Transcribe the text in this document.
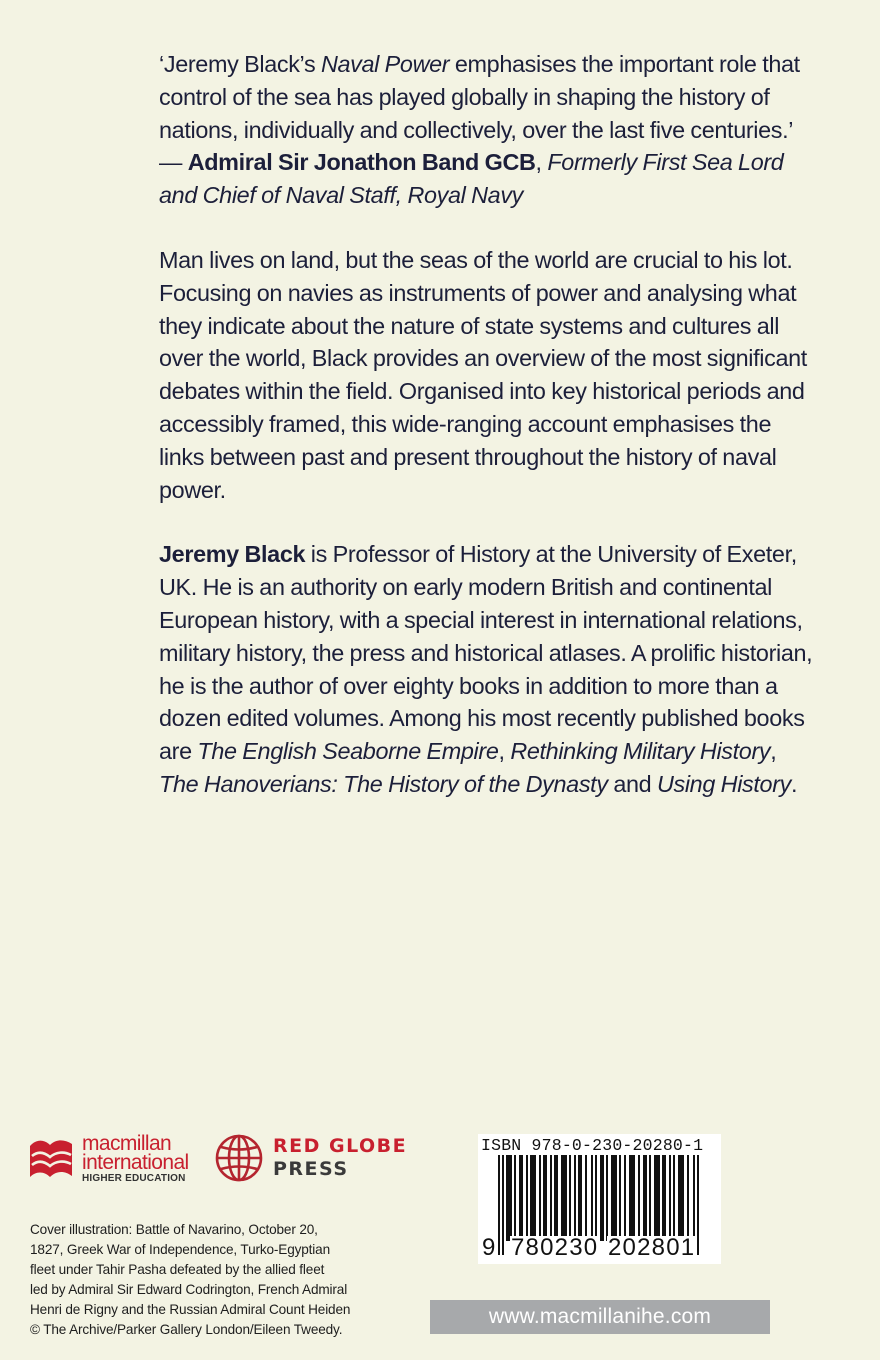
‘Jeremy Black’s Naval Power emphasises the important role that control of the sea has played globally in shaping the history of nations, individually and collectively, over the last five centuries.’
— Admiral Sir Jonathon Band GCB, Formerly First Sea Lord and Chief of Naval Staff, Royal Navy

Man lives on land, but the seas of the world are crucial to his lot. Focusing on navies as instruments of power and analysing what they indicate about the nature of state systems and cultures all over the world, Black provides an overview of the most significant debates within the field. Organised into key historical periods and accessibly framed, this wide-ranging account emphasises the links between past and present throughout the history of naval power.

Jeremy Black is Professor of History at the University of Exeter, UK. He is an authority on early modern British and continental European history, with a special interest in international relations, military history, the press and historical atlases. A prolific historian, he is the author of over eighty books in addition to more than a dozen edited volumes. Among his most recently published books are The English Seaborne Empire, Rethinking Military History, The Hanoverians: The History of the Dynasty and Using History.

macmillan
international
HIGHER EDUCATION
RED GLOBE
PRESS
Cover illustration: Battle of Navarino, October 20,
1827, Greek War of Independence, Turko-Egyptian
fleet under Tahir Pasha defeated by the allied fleet
led by Admiral Sir Edward Codrington, French Admiral
Henri de Rigny and the Russian Admiral Count Heiden
© The Archive/Parker Gallery London/Eileen Tweedy.
ISBN 978-0-230-20280-1
9 780230 202801
www.macmillanihe.com
